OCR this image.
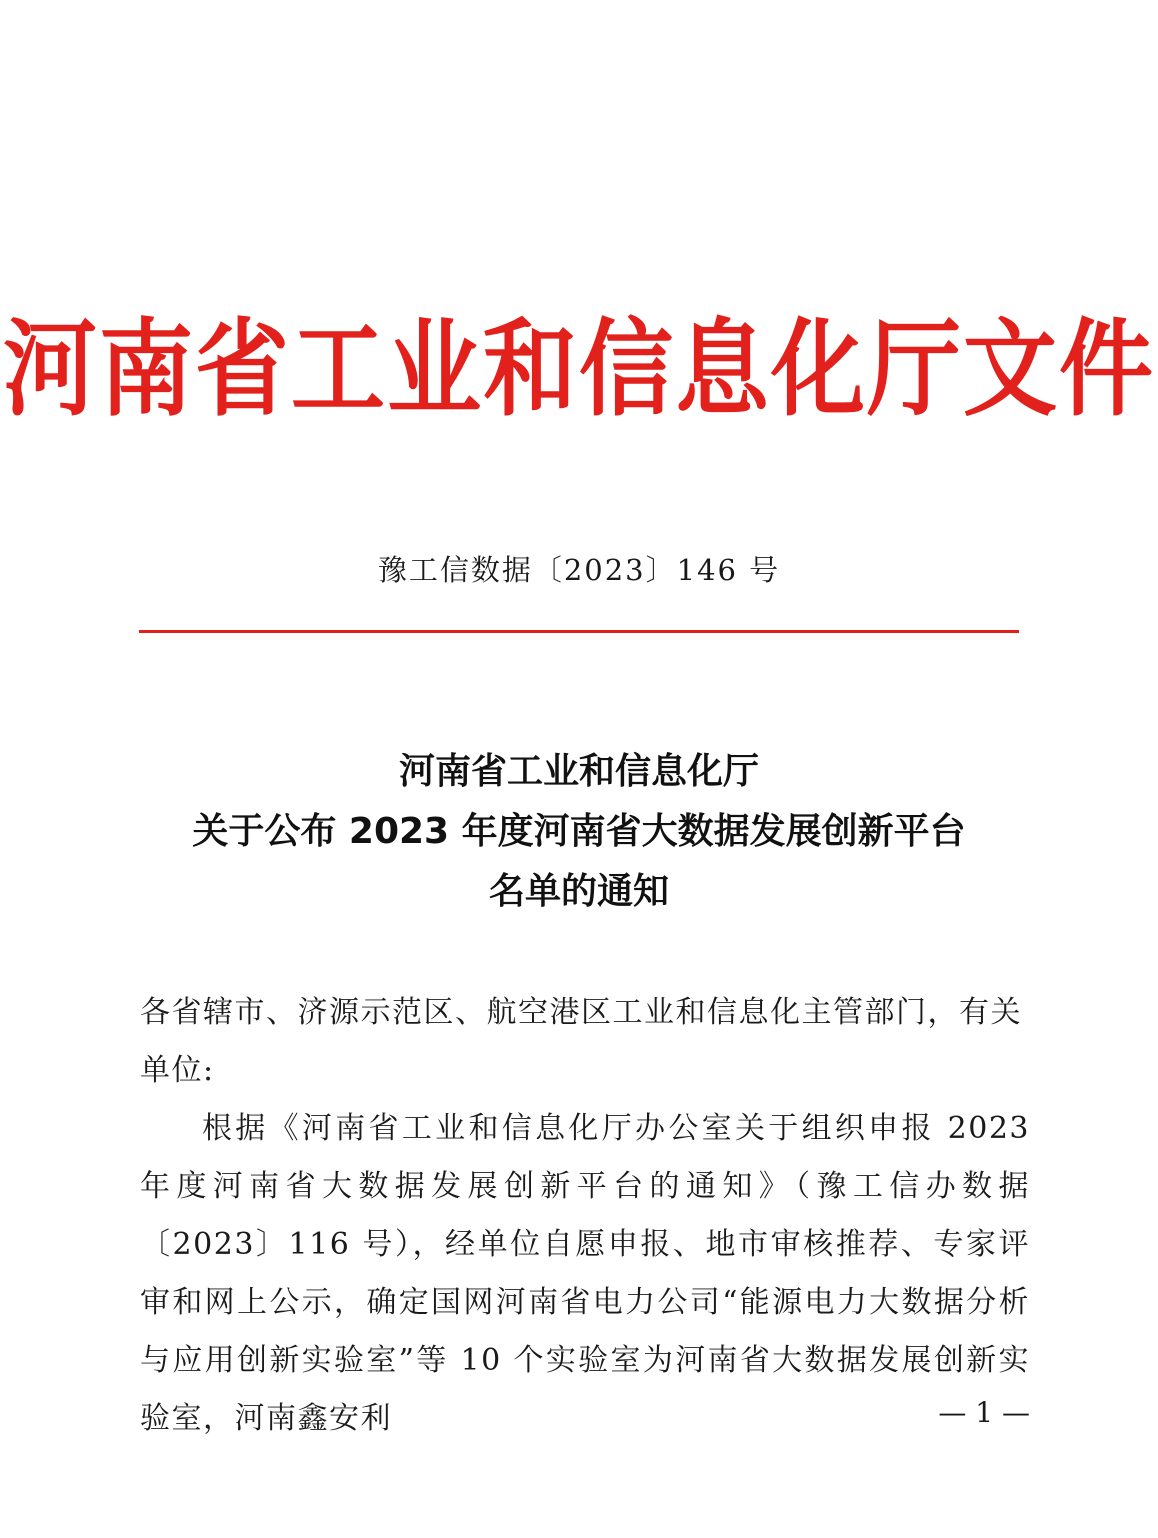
河南省工业和信息化厅文件
豫工信数据〔2023〕146 号
河南省工业和信息化厅
关于公布 2023 年度河南省大数据发展创新平台
名单的通知
各省辖市、济源示范区、航空港区工业和信息化主管部门，有关单位:
根据《河南省工业和信息化厅办公室关于组织申报 2023 年度河南省大数据发展创新平台的通知》（豫工信办数据〔2023〕116 号），经单位自愿申报、地市审核推荐、专家评审和网上公示，确定国网河南省电力公司“能源电力大数据分析与应用创新实验室”等 10 个实验室为河南省大数据发展创新实验室，河南鑫安利	— 1 —
